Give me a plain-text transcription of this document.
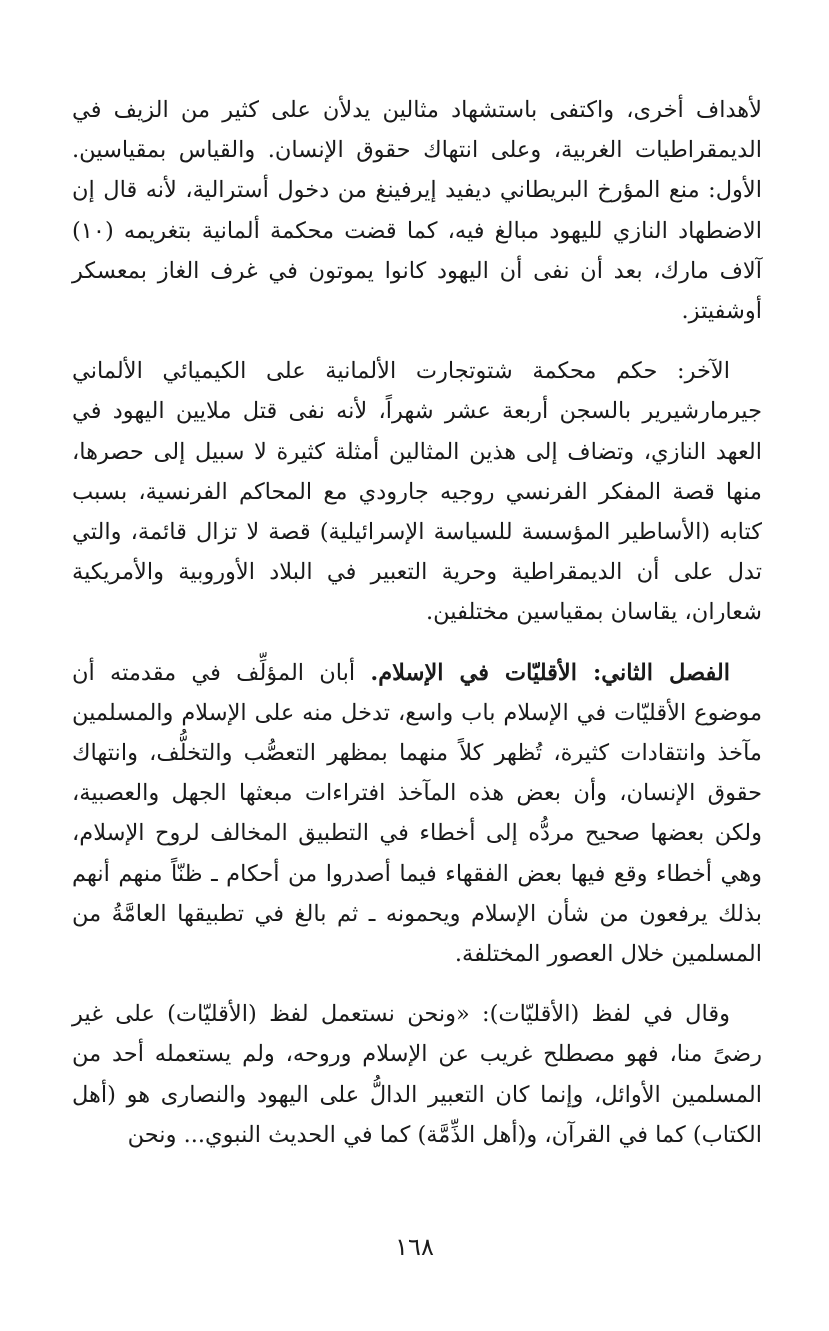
لأهداف أخرى، واكتفى باستشهاد مثالين يدلأن على كثير من الزيف في الديمقراطيات الغربية، وعلى انتهاك حقوق الإنسان. والقياس بمقياسين. الأول: منع المؤرخ البريطاني ديفيد إيرفينغ من دخول أسترالية، لأنه قال إن الاضطهاد النازي لليهود مبالغ فيه، كما قضت محكمة ألمانية بتغريمه (١٠) آلاف مارك، بعد أن نفى أن اليهود كانوا يموتون في غرف الغاز بمعسكر أوشفيتز.

الآخر: حكم محكمة شتوتجارت الألمانية على الكيميائي الألماني جيرمارشيرير بالسجن أربعة عشر شهراً، لأنه نفى قتل ملايين اليهود في العهد النازي، وتضاف إلى هذين المثالين أمثلة كثيرة لا سبيل إلى حصرها، منها قصة المفكر الفرنسي روجيه جارودي مع المحاكم الفرنسية، بسبب كتابه (الأساطير المؤسسة للسياسة الإسرائيلية) قصة لا تزال قائمة، والتي تدل على أن الديمقراطية وحرية التعبير في البلاد الأوروبية والأمريكية شعاران، يقاسان بمقياسين مختلفين.

الفصل الثاني: الأقليّات في الإسلام. أبان المؤلِّف في مقدمته أن موضوع الأقليّات في الإسلام باب واسع، تدخل منه على الإسلام والمسلمين مآخذ وانتقادات كثيرة، تُظهر كلاً منهما بمظهر التعصُّب والتخلُّف، وانتهاك حقوق الإنسان، وأن بعض هذه المآخذ افتراءات مبعثها الجهل والعصبية، ولكن بعضها صحيح مردُّه إلى أخطاء في التطبيق المخالف لروح الإسلام، وهي أخطاء وقع فيها بعض الفقهاء فيما أصدروا من أحكام ـ ظنّاً منهم أنهم بذلك يرفعون من شأن الإسلام ويحمونه ـ ثم بالغ في تطبيقها العامَّةُ من المسلمين خلال العصور المختلفة.

وقال في لفظ (الأقليّات): «ونحن نستعمل لفظ (الأقليّات) على غير رضىً منا، فهو مصطلح غريب عن الإسلام وروحه، ولم يستعمله أحد من المسلمين الأوائل، وإنما كان التعبير الدالُّ على اليهود والنصارى هو (أهل الكتاب) كما في القرآن، و(أهل الذِّمَّة) كما في الحديث النبوي... ونحن

١٦٨
